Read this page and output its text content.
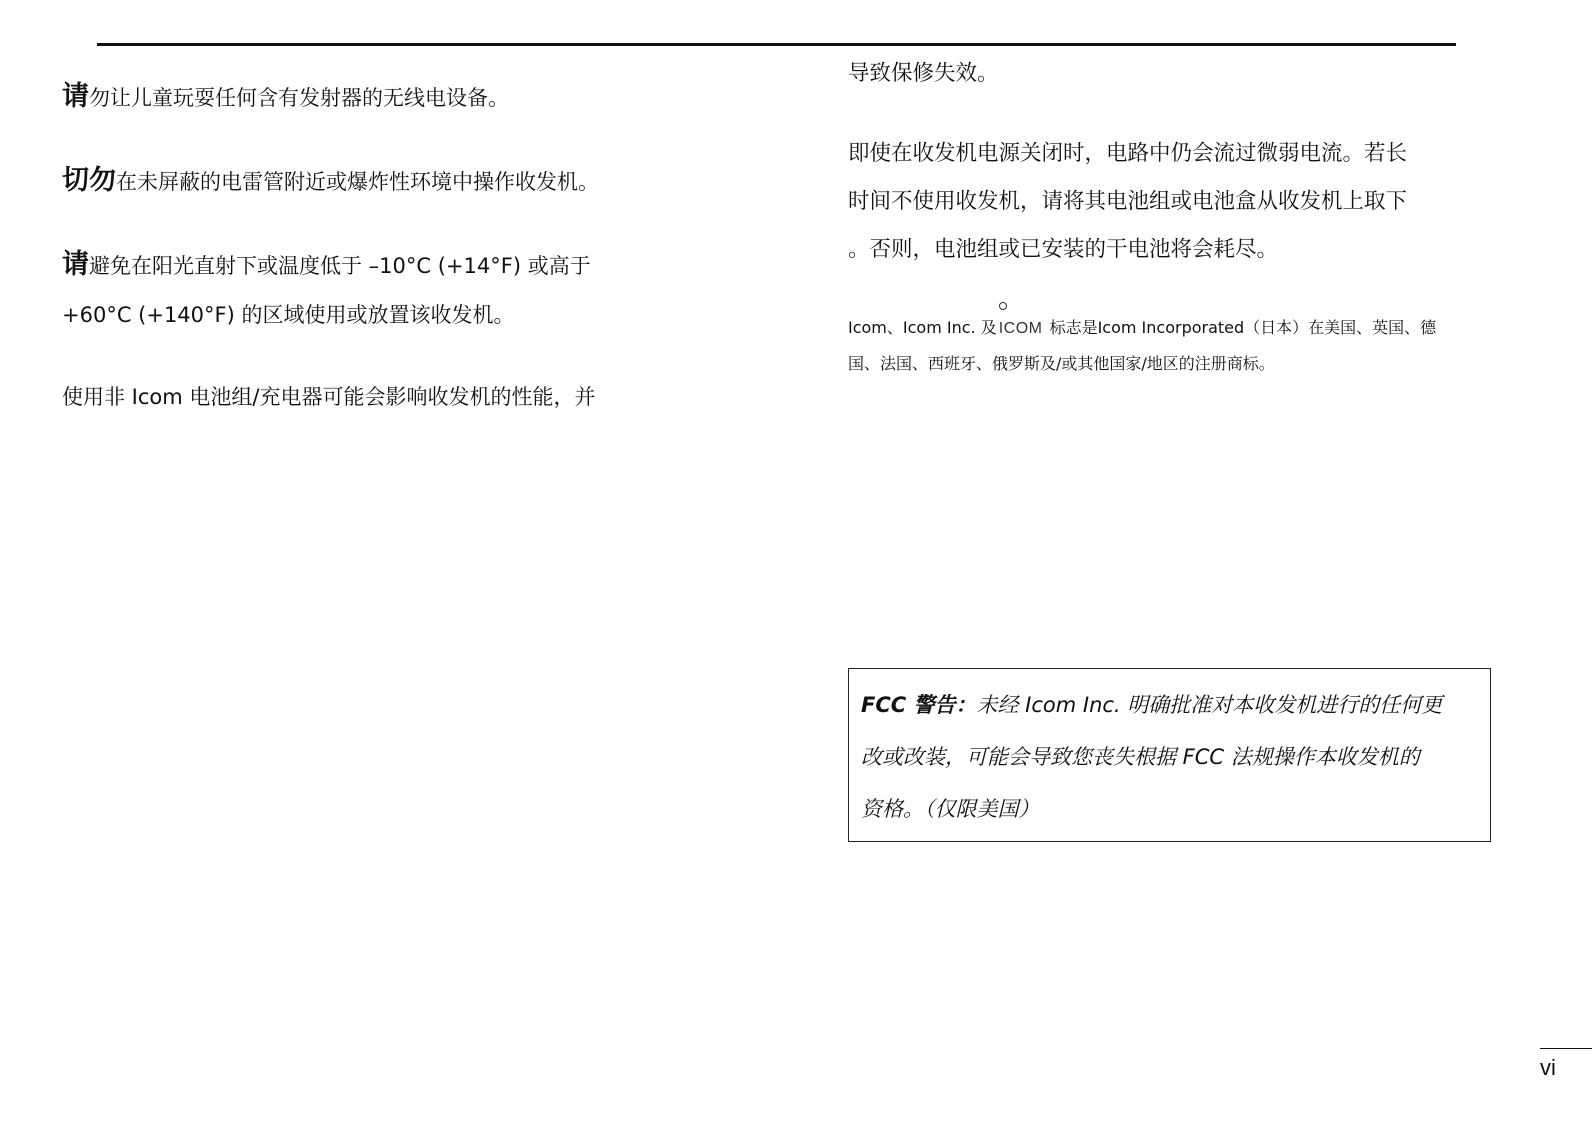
请勿让儿童玩耍任何含有发射器的无线电设备。

切勿在未屏蔽的电雷管附近或爆炸性环境中操作收发机。

请避免在阳光直射下或温度低于 –10°C (+14°F) 或高于
+60°C (+140°F) 的区域使用或放置该收发机。

使用非 Icom 电池组/充电器可能会影响收发机的性能，并

导致保修失效。

即使在收发机电源关闭时，电路中仍会流过微弱电流。若长

时间不使用收发机，请将其电池组或电池盒从收发机上取下

。否则，电池组或已安装的干电池将会耗尽。

Icom、Icom Inc. 及 ICOM 标志是Icom Incorporated（日本）在美国、英国、德

国、法国、西班牙、俄罗斯及/或其他国家/地区的注册商标。

FCC 警告：未经 Icom Inc. 明确批准对本收发机进行的任何更

改或改装，可能会导致您丧失根据 FCC 法规操作本收发机的

资格。（仅限美国）

vi
